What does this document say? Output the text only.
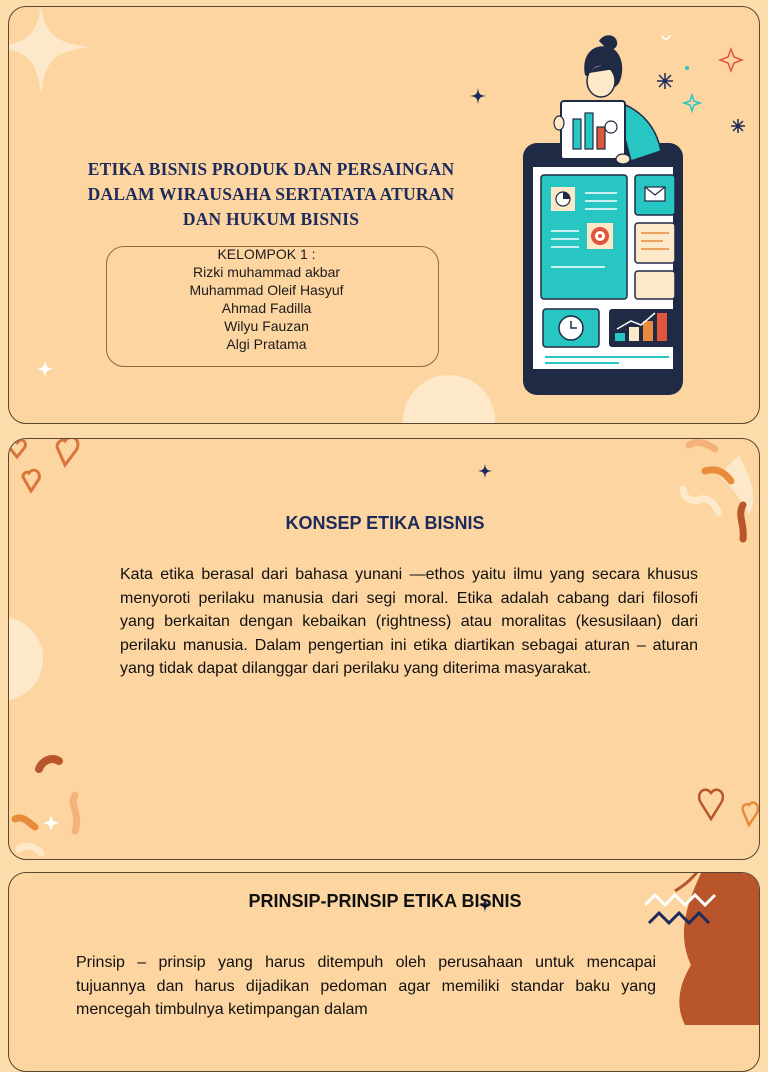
ETIKA BISNIS PRODUK DAN PERSAINGAN
DALAM WIRAUSAHA SERTATATA ATURAN
DAN HUKUM BISNIS
KELOMPOK 1 :
Rizki muhammad akbar
Muhammad Oleif Hasyuf
Ahmad Fadilla
Wilyu Fauzan
Algi Pratama
KONSEP ETIKA BISNIS
Kata etika berasal dari bahasa yunani —ethos yaitu ilmu yang secara khusus menyoroti perilaku manusia dari segi moral. Etika adalah cabang dari filosofi yang berkaitan dengan kebaikan (rightness) atau moralitas (kesusilaan) dari perilaku manusia. Dalam pengertian ini etika diartikan sebagai aturan – aturan yang tidak dapat dilanggar dari perilaku yang diterima masyarakat.
PRINSIP-PRINSIP ETIKA BISNIS
Prinsip – prinsip yang harus ditempuh oleh perusahaan untuk mencapai tujuannya dan harus dijadikan pedoman agar memiliki standar baku yang mencegah timbulnya ketimpangan dalam
